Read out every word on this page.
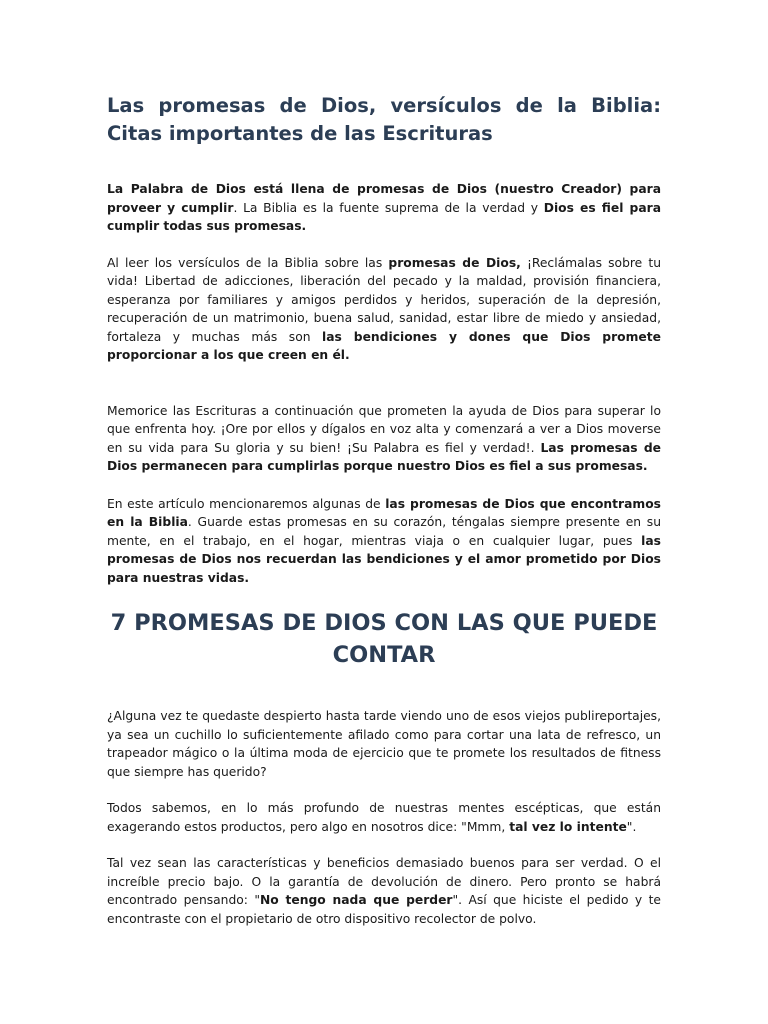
Las promesas de Dios, versículos de la Biblia: Citas importantes de las Escrituras

La Palabra de Dios está llena de promesas de Dios (nuestro Creador) para proveer y cumplir. La Biblia es la fuente suprema de la verdad y Dios es fiel para cumplir todas sus promesas.

Al leer los versículos de la Biblia sobre las promesas de Dios, ¡Reclámalas sobre tu vida! Libertad de adicciones, liberación del pecado y la maldad, provisión financiera, esperanza por familiares y amigos perdidos y heridos, superación de la depresión, recuperación de un matrimonio, buena salud, sanidad, estar libre de miedo y ansiedad, fortaleza y muchas más son las bendiciones y dones que Dios promete proporcionar a los que creen en él.

Memorice las Escrituras a continuación que prometen la ayuda de Dios para superar lo que enfrenta hoy. ¡Ore por ellos y dígalos en voz alta y comenzará a ver a Dios moverse en su vida para Su gloria y su bien! ¡Su Palabra es fiel y verdad!. Las promesas de Dios permanecen para cumplirlas porque nuestro Dios es fiel a sus promesas.

En este artículo mencionaremos algunas de las promesas de Dios que encontramos en la Biblia. Guarde estas promesas en su corazón, téngalas siempre presente en su mente, en el trabajo, en el hogar, mientras viaja o en cualquier lugar, pues las promesas de Dios nos recuerdan las bendiciones y el amor prometido por Dios para nuestras vidas.

7 PROMESAS DE DIOS CON LAS QUE PUEDE CONTAR

¿Alguna vez te quedaste despierto hasta tarde viendo uno de esos viejos publireportajes, ya sea un cuchillo lo suficientemente afilado como para cortar una lata de refresco, un trapeador mágico o la última moda de ejercicio que te promete los resultados de fitness que siempre has querido?

Todos sabemos, en lo más profundo de nuestras mentes escépticas, que están exagerando estos productos, pero algo en nosotros dice: "Mmm, tal vez lo intente".

Tal vez sean las características y beneficios demasiado buenos para ser verdad. O el increíble precio bajo. O la garantía de devolución de dinero. Pero pronto se habrá encontrado pensando: "No tengo nada que perder". Así que hiciste el pedido y te encontraste con el propietario de otro dispositivo recolector de polvo.
